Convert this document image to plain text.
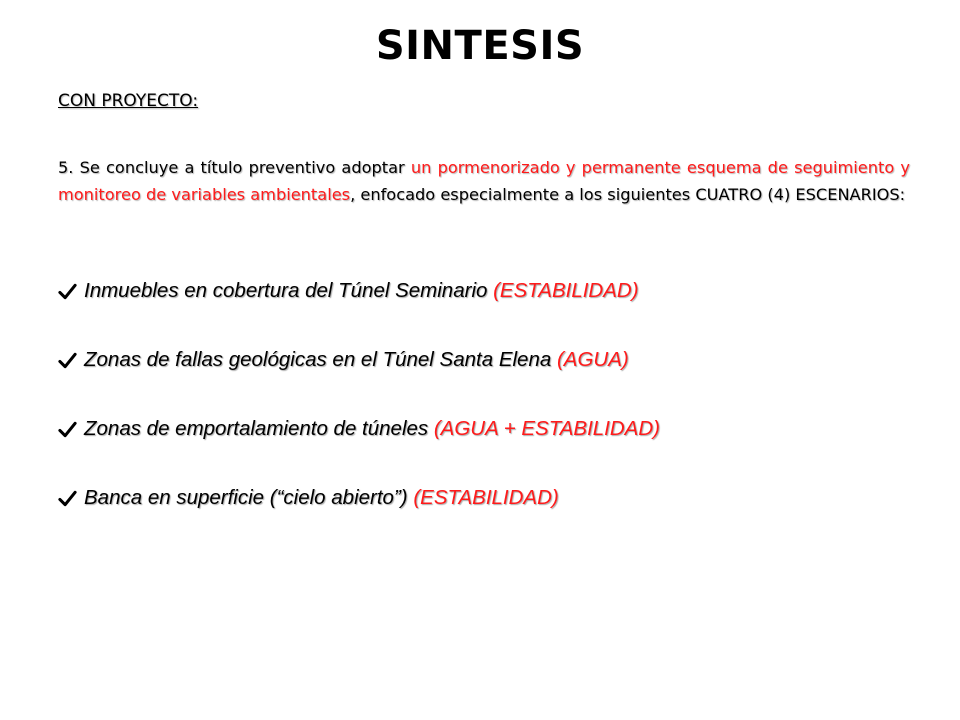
SINTESIS
CON PROYECTO:

5. Se concluye a título preventivo adoptar un pormenorizado y permanente esquema de seguimiento y monitoreo de variables ambientales, enfocado especialmente a los siguientes CUATRO (4) ESCENARIOS:

Inmuebles en cobertura del Túnel Seminario
(ESTABILIDAD)
Zonas de fallas geológicas en el Túnel Santa Elena
(AGUA)
Zonas de emportalamiento de túneles
(AGUA + ESTABILIDAD)
Banca en superficie (“cielo abierto”)
(ESTABILIDAD)
